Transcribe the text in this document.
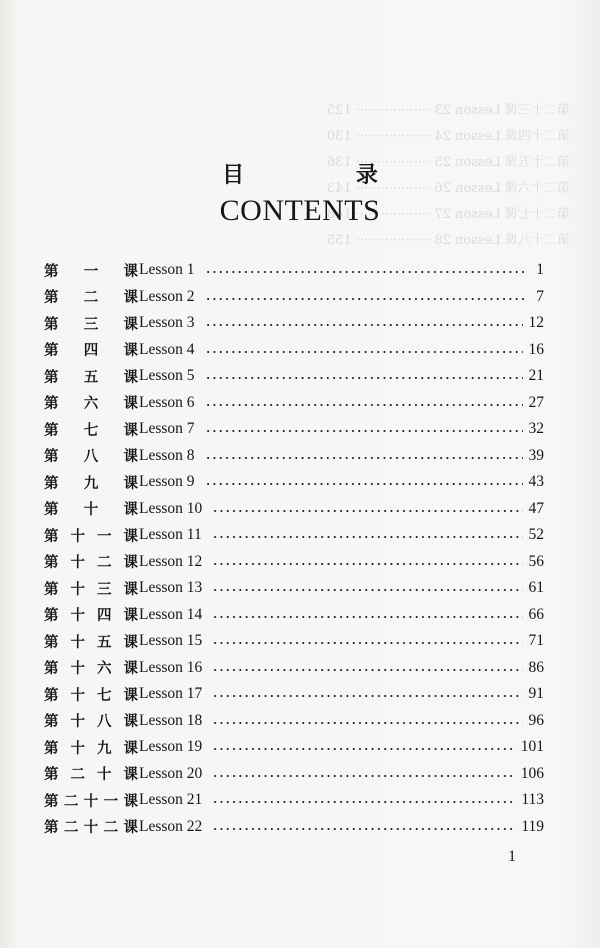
第二十三课 Lesson 23 ·················· 125
第二十四课 Lesson 24 ·················· 130
第二十五课 Lesson 25 ·················· 136
第二十六课 Lesson 26 ·················· 143
第二十七课 Lesson 27 ·················· 148
第二十八课 Lesson 28 ·················· 155
目 录
CONTENTS
第一课 Lesson 1	1
第二课 Lesson 2	7
第三课 Lesson 3	12
第四课 Lesson 4	16
第五课 Lesson 5	21
第六课 Lesson 6	27
第七课 Lesson 7	32
第八课 Lesson 8	39
第九课 Lesson 9	43
第十课 Lesson 10	47
第十一课 Lesson 11	52
第十二课 Lesson 12	56
第十三课 Lesson 13	61
第十四课 Lesson 14	66
第十五课 Lesson 15	71
第十六课 Lesson 16	86
第十七课 Lesson 17	91
第十八课 Lesson 18	96
第十九课 Lesson 19	101
第二十课 Lesson 20	106
第二十一课 Lesson 21	113
第二十二课 Lesson 22	119
1
